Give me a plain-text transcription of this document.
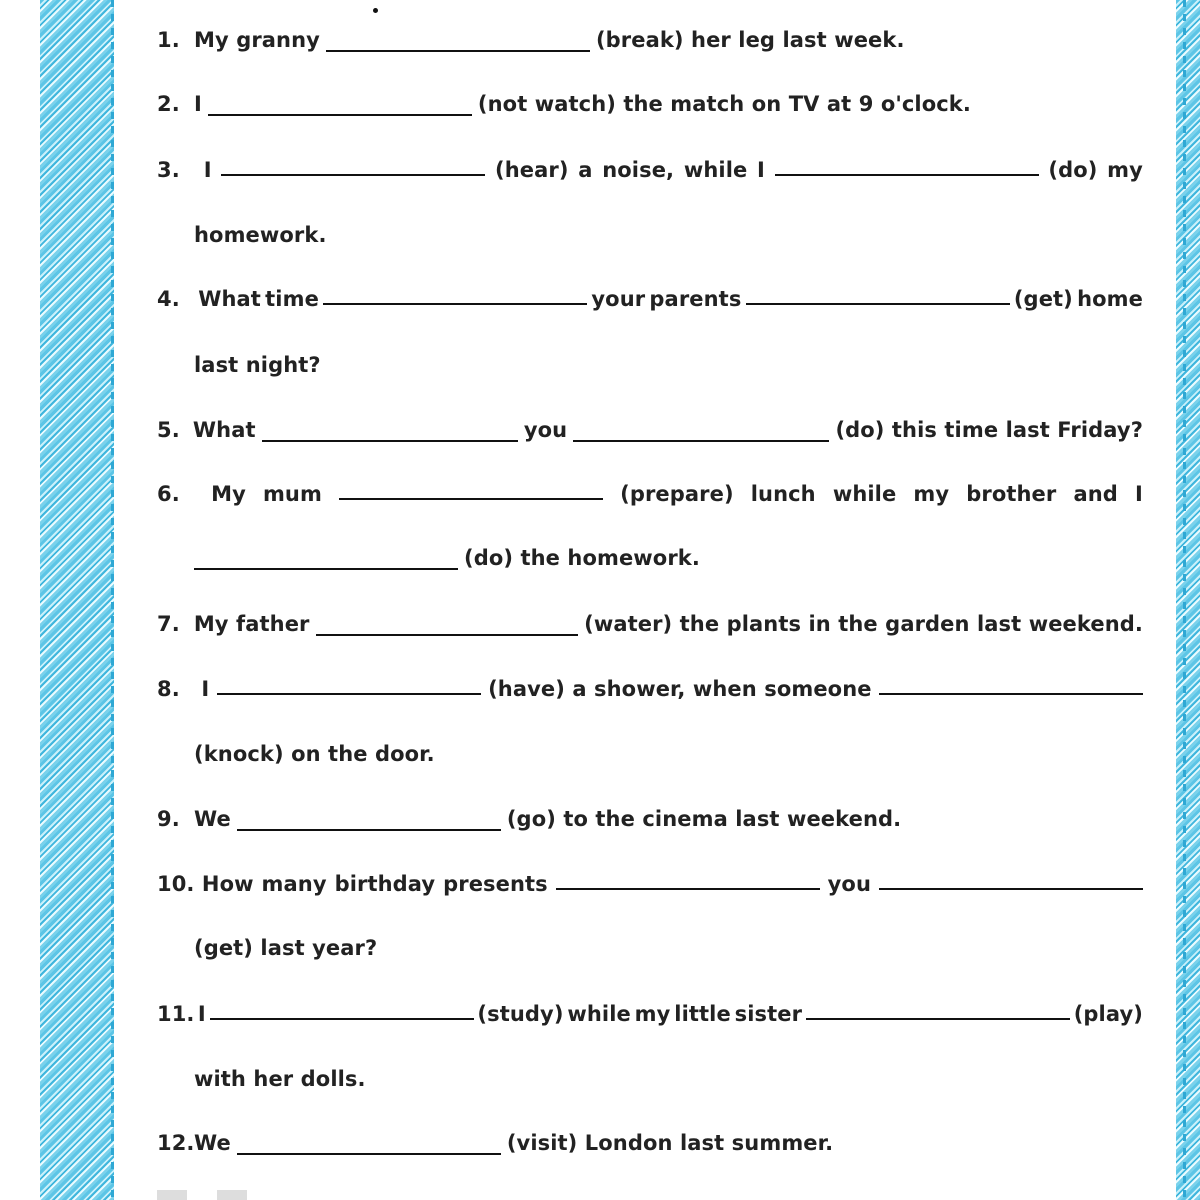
1. My granny	(break) her leg last week.
2. I	(not watch) the match on TV at 9 o'clock.
3.	I	(hear) a noise, while I	(do) my
homework.
4. What time	your parents	(get) home
last night?
5. What	you	(do) this time last Friday?
6.	My mum	(prepare) lunch while my brother and I
(do) the homework.
7. My father	(water) the plants in the garden last weekend.
8.	I	(have) a shower, when someone
(knock) on the door.
9. We	(go) to the cinema last weekend.
10. How many birthday presents	you
(get) last year?
11. I	(study) while my little sister	(play)
with her dolls.
12. We	(visit) London last summer.
